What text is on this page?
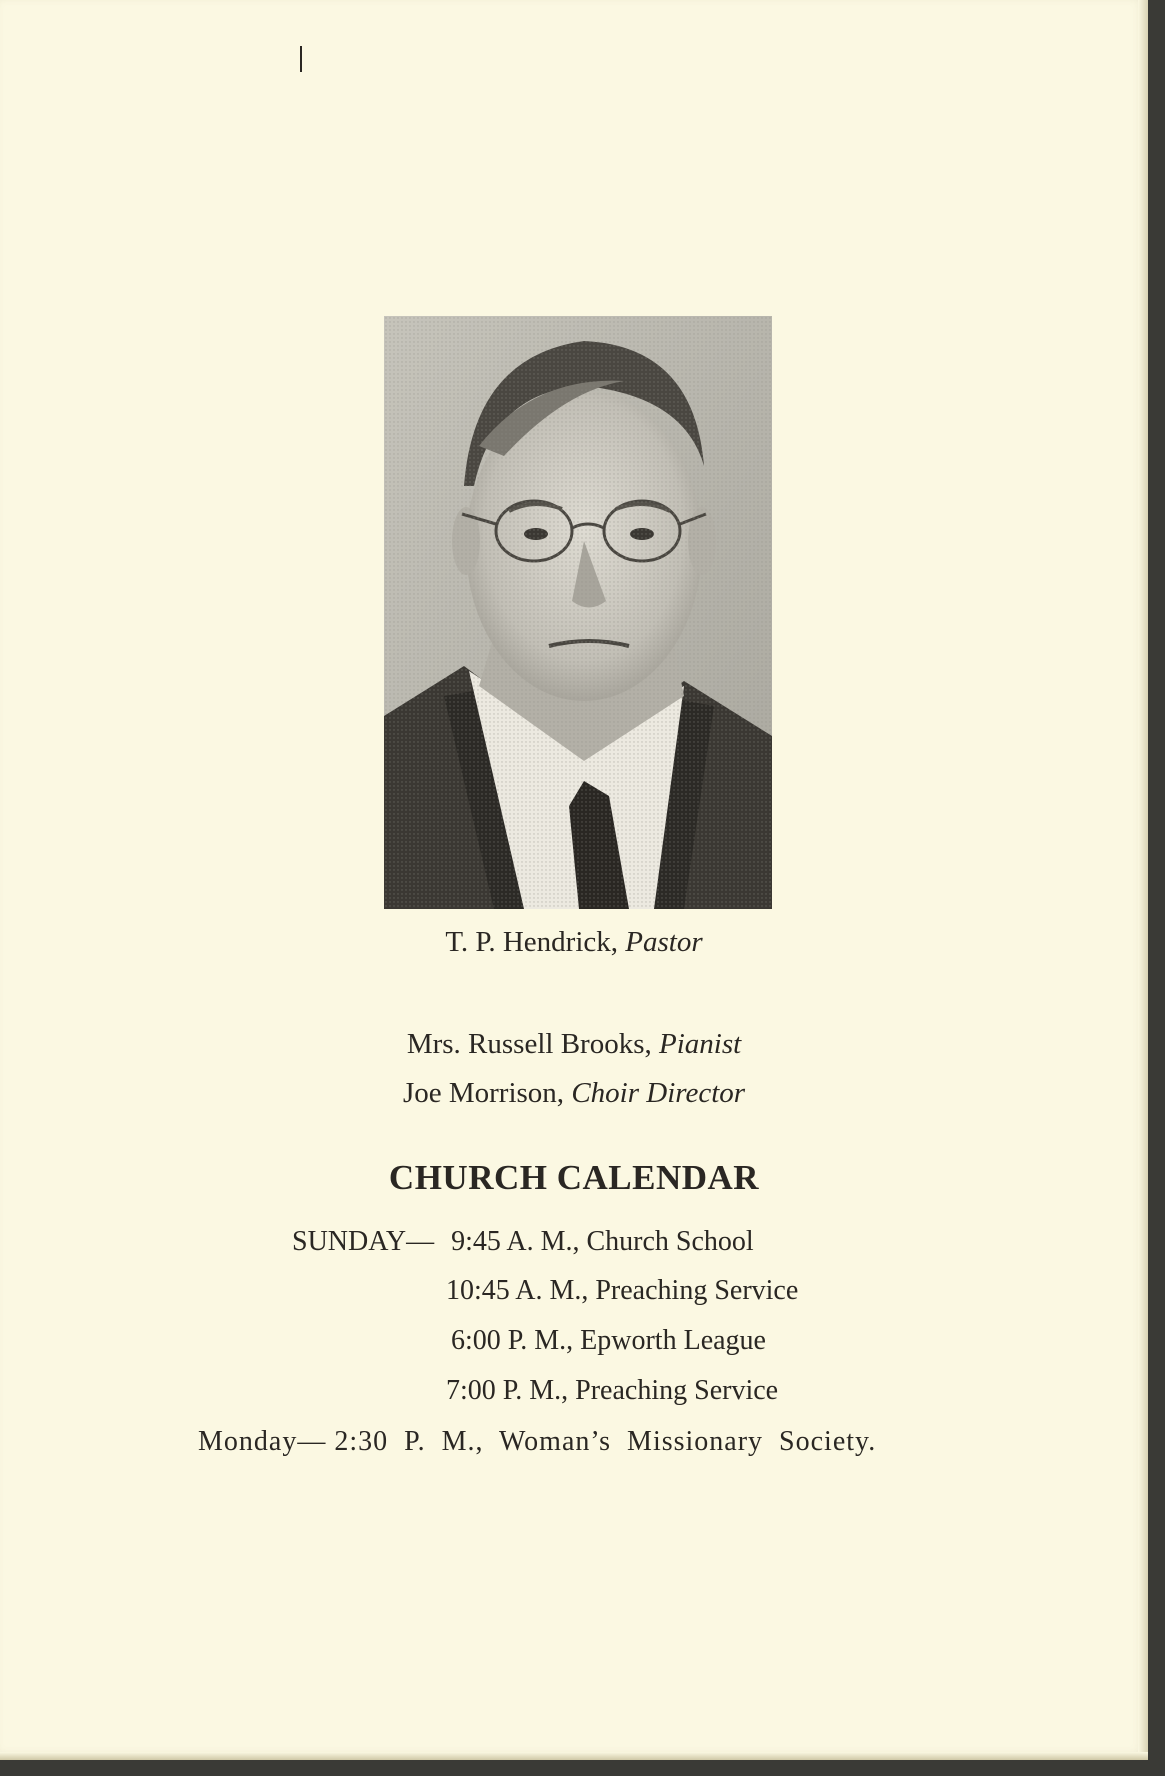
T. P. Hendrick, Pastor
Mrs. Russell Brooks, Pianist
Joe Morrison, Choir Director
CHURCH CALENDAR
SUNDAY— 9:45 A. M., Church School
10:45 A. M., Preaching Service
6:00 P. M., Epworth League
7:00 P. M., Preaching Service
Monday— 2:30  P.  M., Woman’s  Missionary  Society.
